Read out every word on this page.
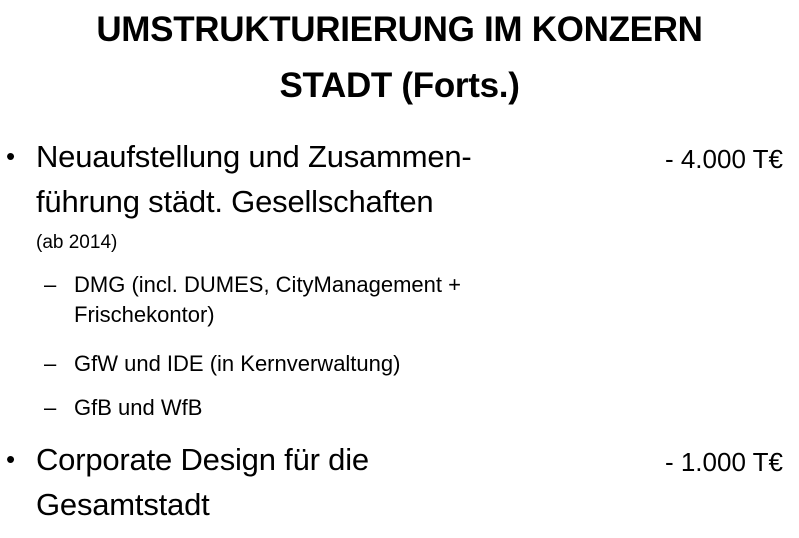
UMSTRUKTURIERUNG IM KONZERN
STADT (Forts.)
• Neuaufstellung und Zusammen-
führung städt. Gesellschaften
- 4.000 T€
(ab 2014)
– DMG (incl. DUMES, CityManagement +
Frischekontor)
– GfW und IDE (in Kernverwaltung)
– GfB und WfB
• Corporate Design für die
Gesamtstadt
- 1.000 T€
